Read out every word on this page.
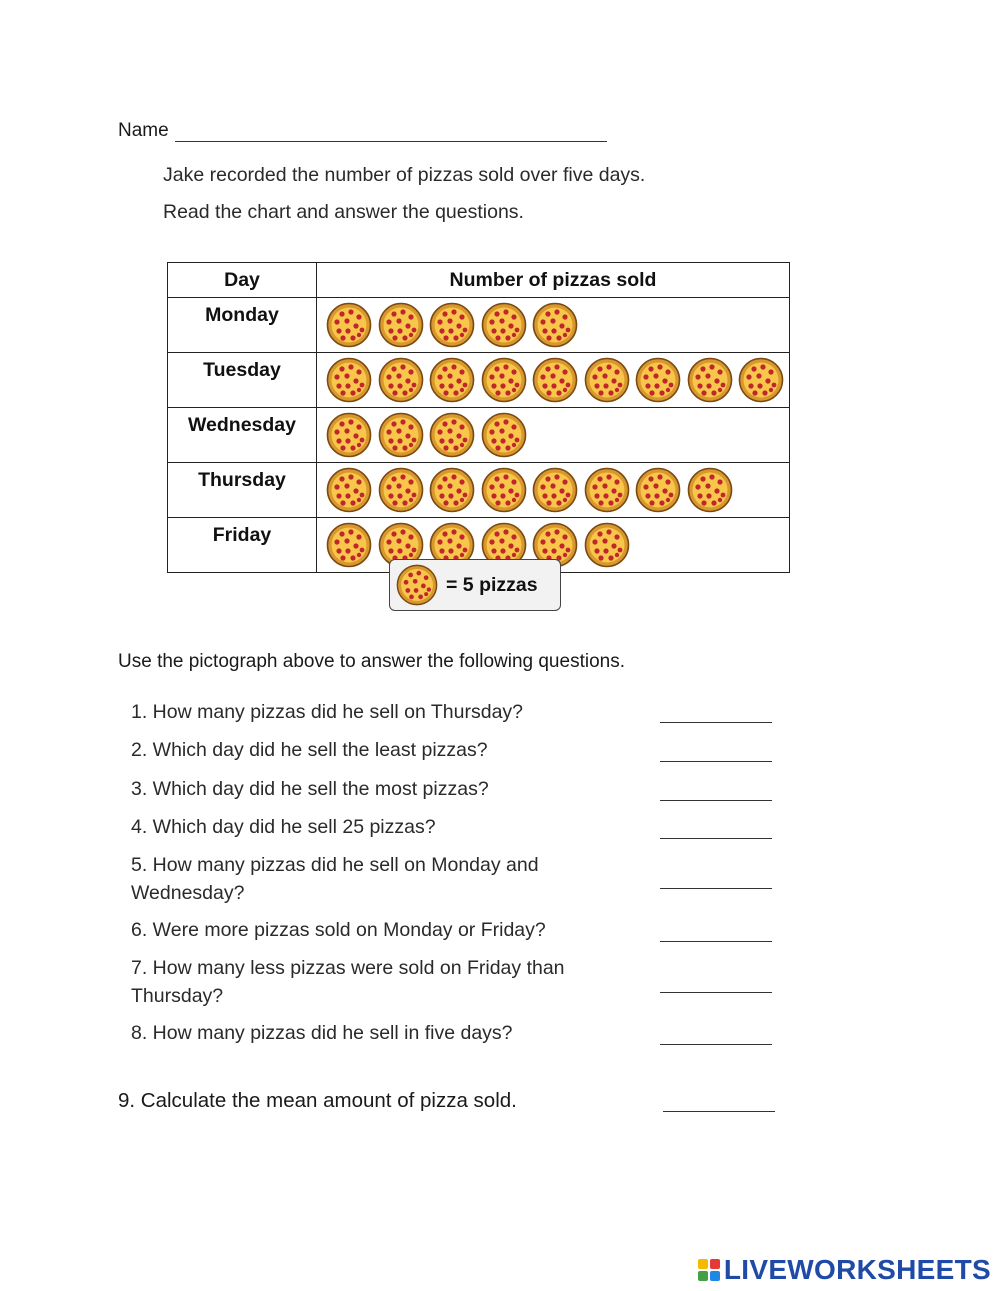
Name
Jake recorded the number of pizzas sold over five days.
Read the chart and answer the questions.
Day	Number of pizzas sold
Monday	
Tuesday	
Wednesday	
Thursday	
Friday	
= 5 pizzas
Use the pictograph above to answer the following questions.
1. How many pizzas did he sell on Thursday?
2. Which day did he sell the least pizzas?
3. Which day did he sell the most pizzas?
4. Which day did he sell 25 pizzas?
5. How many pizzas did he sell on Monday and
Wednesday?
6. Were more pizzas sold on Monday or Friday?
7. How many less pizzas were sold on Friday than
Thursday?
8. How many pizzas did he sell in five days?
9. Calculate the mean amount of pizza sold.
LIVEWORKSHEETS
